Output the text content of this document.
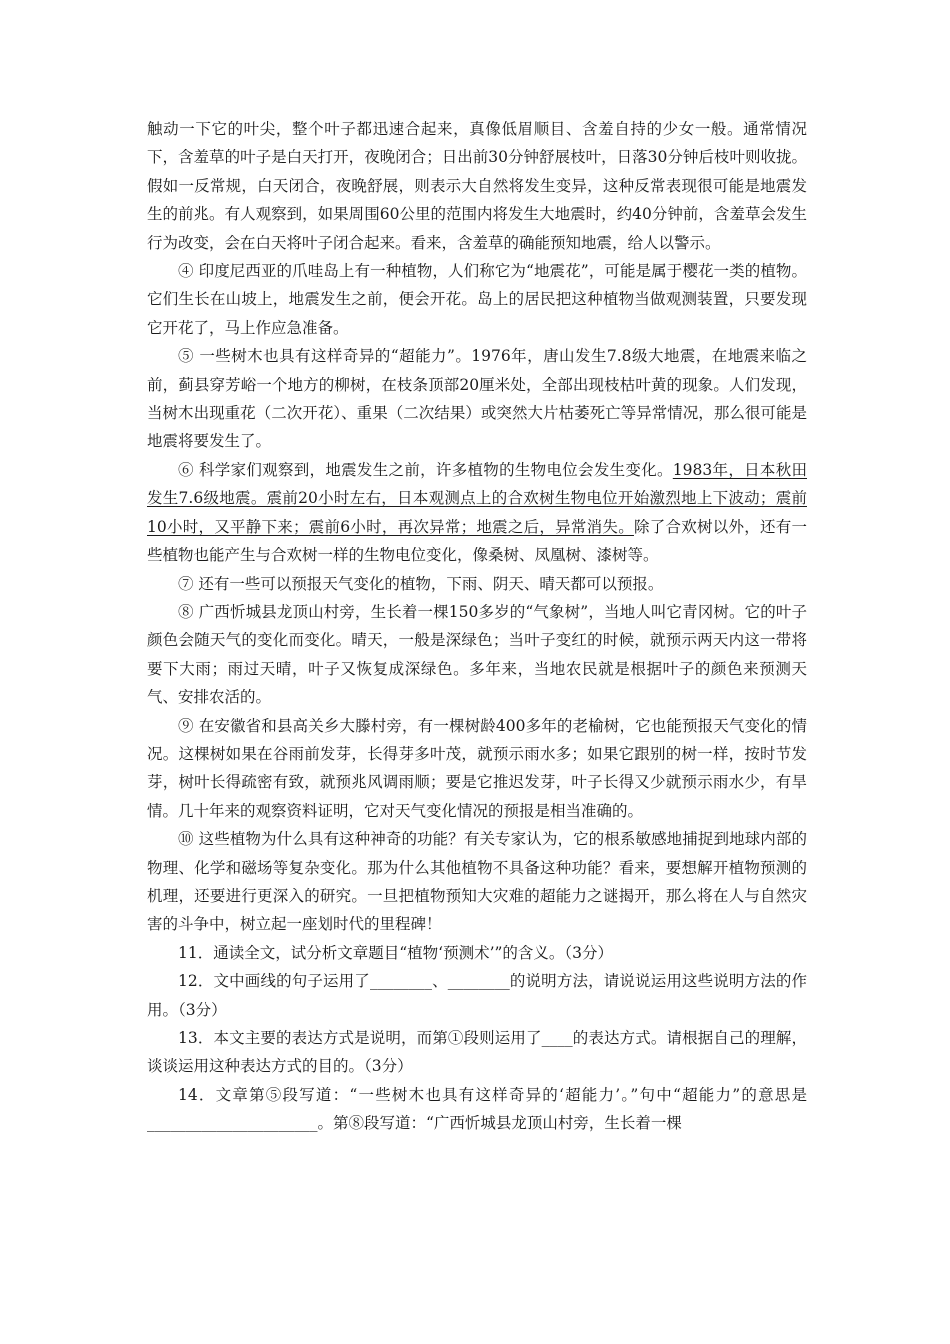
触动一下它的叶尖，整个叶子都迅速合起来，真像低眉顺目、含羞自持的少女一般。通常情况下，含羞草的叶子是白天打开，夜晚闭合；日出前30分钟舒展枝叶，日落30分钟后枝叶则收拢。假如一反常规，白天闭合，夜晚舒展，则表示大自然将发生变异，这种反常表现很可能是地震发生的前兆。有人观察到，如果周围60公里的范围内将发生大地震时，约40分钟前，含羞草会发生行为改变，会在白天将叶子闭合起来。看来，含羞草的确能预知地震，给人以警示。

④ 印度尼西亚的爪哇岛上有一种植物，人们称它为“地震花”，可能是属于樱花一类的植物。它们生长在山坡上，地震发生之前，便会开花。岛上的居民把这种植物当做观测装置，只要发现它开花了，马上作应急准备。

⑤ 一些树木也具有这样奇异的“超能力”。1976年，唐山发生7.8级大地震，在地震来临之前，蓟县穿芳峪一个地方的柳树，在枝条顶部20厘米处，全部出现枝枯叶黄的现象。人们发现，当树木出现重花（二次开花）、重果（二次结果）或突然大片枯萎死亡等异常情况，那么很可能是地震将要发生了。

⑥ 科学家们观察到，地震发生之前，许多植物的生物电位会发生变化。1983年，日本秋田发生7.6级地震。震前20小时左右，日本观测点上的合欢树生物电位开始激烈地上下波动；震前10小时，又平静下来；震前6小时，再次异常；地震之后，异常消失。除了合欢树以外，还有一些植物也能产生与合欢树一样的生物电位变化，像桑树、凤凰树、漆树等。

⑦ 还有一些可以预报天气变化的植物，下雨、阴天、晴天都可以预报。

⑧ 广西忻城县龙顶山村旁，生长着一棵150多岁的“气象树”，当地人叫它青冈树。它的叶子颜色会随天气的变化而变化。晴天，一般是深绿色；当叶子变红的时候，就预示两天内这一带将要下大雨；雨过天晴，叶子又恢复成深绿色。多年来，当地农民就是根据叶子的颜色来预测天气、安排农活的。

⑨ 在安徽省和县高关乡大滕村旁，有一棵树龄400多年的老榆树，它也能预报天气变化的情况。这棵树如果在谷雨前发芽，长得芽多叶茂，就预示雨水多；如果它跟别的树一样，按时节发芽，树叶长得疏密有致，就预兆风调雨顺；要是它推迟发芽，叶子长得又少就预示雨水少，有旱情。几十年来的观察资料证明，它对天气变化情况的预报是相当准确的。

⑩ 这些植物为什么具有这种神奇的功能？有关专家认为，它的根系敏感地捕捉到地球内部的物理、化学和磁场等复杂变化。那为什么其他植物不具备这种功能？看来，要想解开植物预测的机理，还要进行更深入的研究。一旦把植物预知大灾难的超能力之谜揭开，那么将在人与自然灾害的斗争中，树立起一座划时代的里程碑！

11．通读全文，试分析文章题目“植物‘预测术’”的含义。（3分）

12．文中画线的句子运用了________、________的说明方法，请说说运用这些说明方法的作用。（3分）

13．本文主要的表达方式是说明，而第①段则运用了____的表达方式。请根据自己的理解，谈谈运用这种表达方式的目的。（3分）

14．文章第⑤段写道：“一些树木也具有这样奇异的‘超能力’。”句中“超能力”的意思是______________________。第⑧段写道：“广西忻城县龙顶山村旁，生长着一棵
